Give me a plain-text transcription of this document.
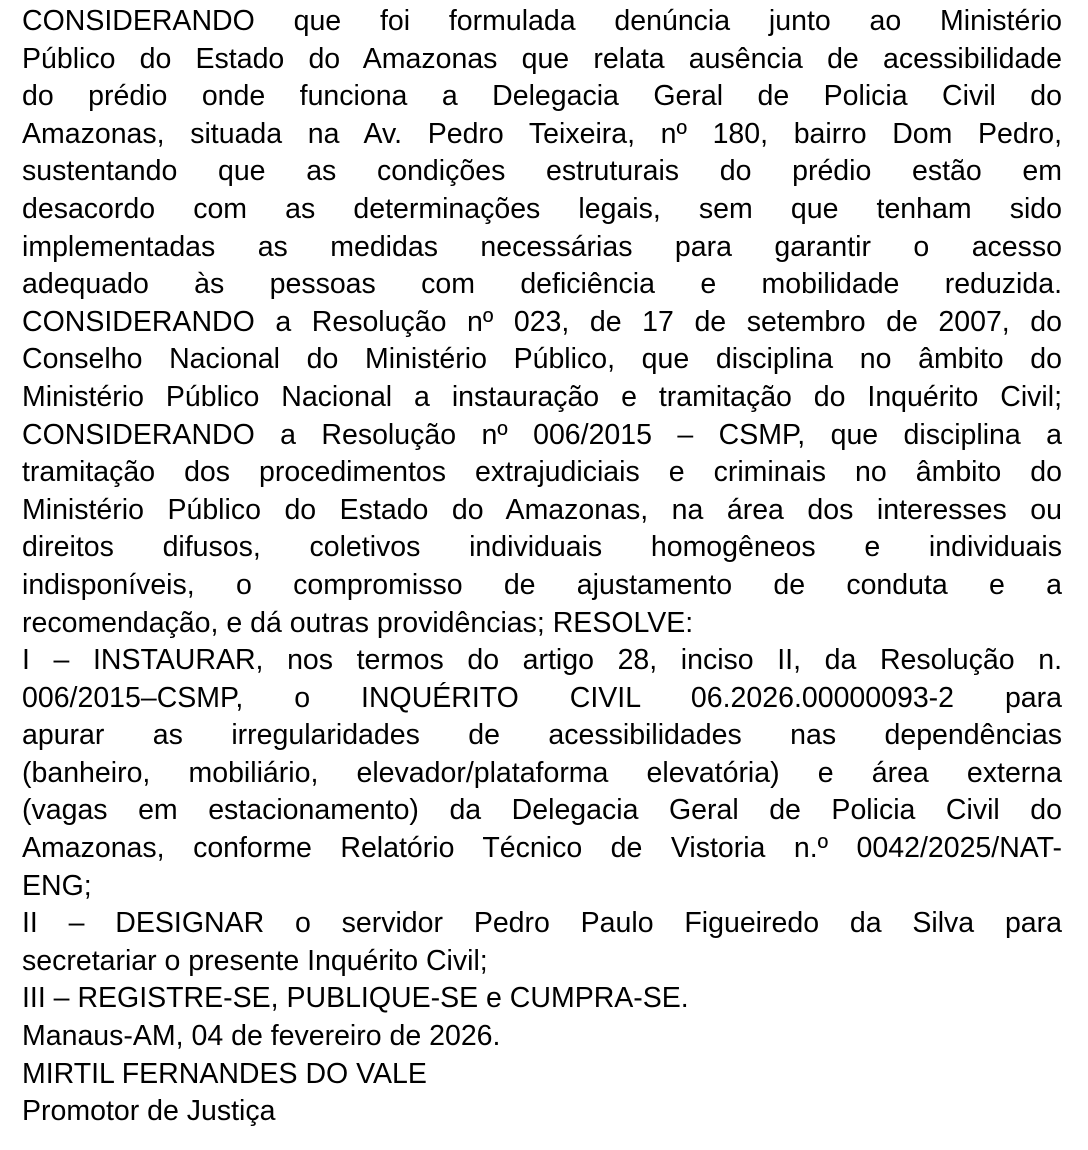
CONSIDERANDO que foi formulada denúncia junto ao Ministério
Público do Estado do Amazonas que relata ausência de acessibilidade
do prédio onde funciona a Delegacia Geral de Policia Civil do
Amazonas, situada na Av. Pedro Teixeira, nº 180, bairro Dom Pedro,
sustentando que as condições estruturais do prédio estão em
desacordo com as determinações legais, sem que tenham sido
implementadas as medidas necessárias para garantir o acesso
adequado às pessoas com deficiência e mobilidade reduzida.
CONSIDERANDO a Resolução nº 023, de 17 de setembro de 2007, do
Conselho Nacional do Ministério Público, que disciplina no âmbito do
Ministério Público Nacional a instauração e tramitação do Inquérito Civil;
CONSIDERANDO a Resolução nº 006/2015 – CSMP, que disciplina a
tramitação dos procedimentos extrajudiciais e criminais no âmbito do
Ministério Público do Estado do Amazonas, na área dos interesses ou
direitos difusos, coletivos individuais homogêneos e individuais
indisponíveis, o compromisso de ajustamento de conduta e a
recomendação, e dá outras providências; RESOLVE:
I – INSTAURAR, nos termos do artigo 28, inciso II, da Resolução n.
006/2015–CSMP, o INQUÉRITO CIVIL 06.2026.00000093-2 para
apurar as irregularidades de acessibilidades nas dependências
(banheiro, mobiliário, elevador/plataforma elevatória) e área externa
(vagas em estacionamento) da Delegacia Geral de Policia Civil do
Amazonas, conforme Relatório Técnico de Vistoria n.º 0042/2025/NAT-
ENG;
II – DESIGNAR o servidor Pedro Paulo Figueiredo da Silva para
secretariar o presente Inquérito Civil;
III – REGISTRE-SE, PUBLIQUE-SE e CUMPRA-SE.
Manaus-AM, 04 de fevereiro de 2026.
MIRTIL FERNANDES DO VALE
Promotor de Justiça
